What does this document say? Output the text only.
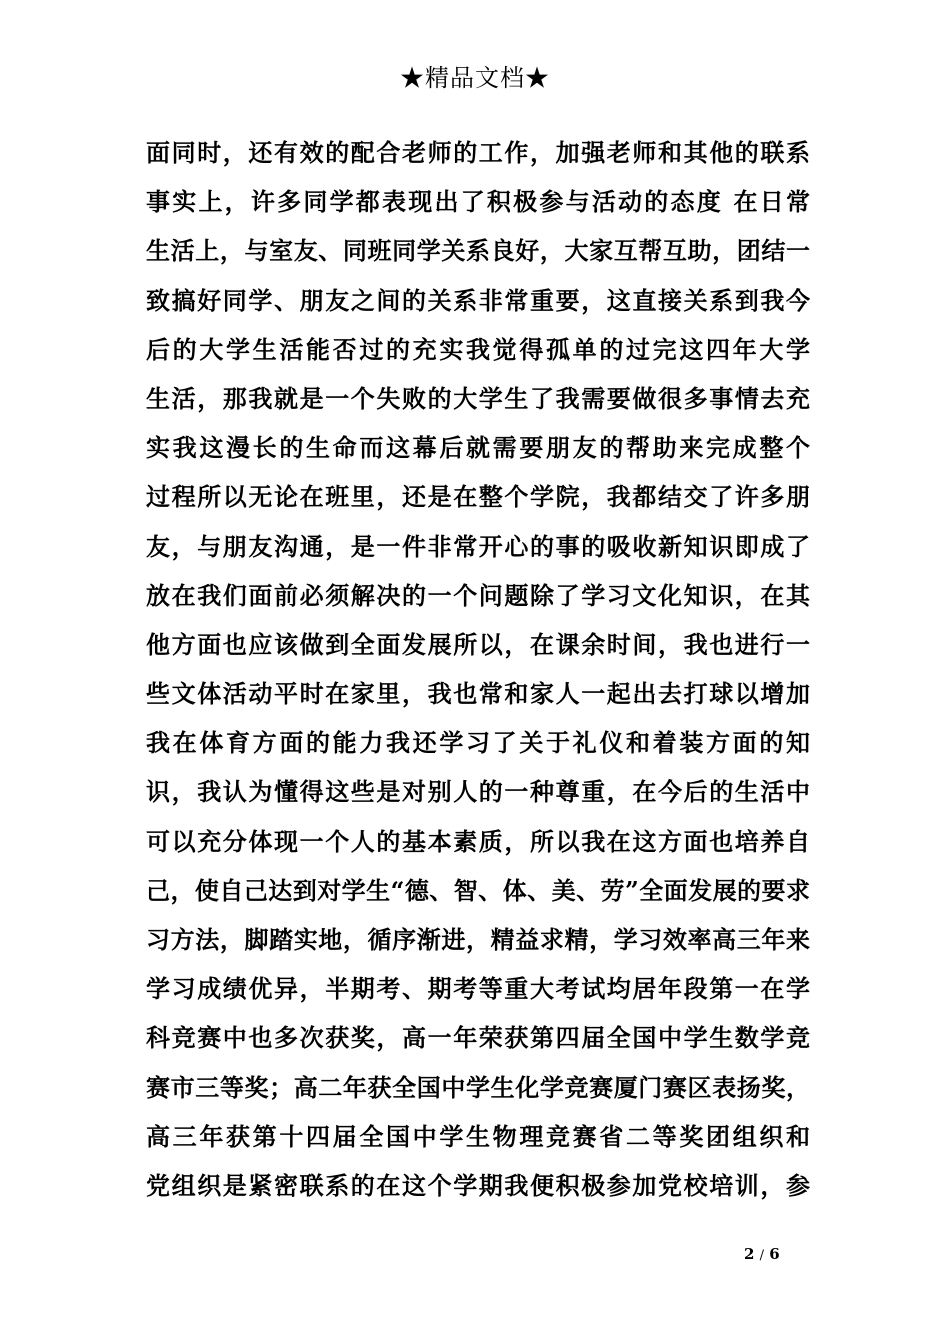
★精品文档★
面同时，还有效的配合老师的工作，加强老师和其他的联系
事实上，许多同学都表现出了积极参与活动的态度 在日常
生活上，与室友、同班同学关系良好，大家互帮互助，团结一
致搞好同学、朋友之间的关系非常重要，这直接关系到我今
后的大学生活能否过的充实我觉得孤单的过完这四年大学
生活，那我就是一个失败的大学生了我需要做很多事情去充
实我这漫长的生命而这幕后就需要朋友的帮助来完成整个
过程所以无论在班里，还是在整个学院，我都结交了许多朋
友，与朋友沟通，是一件非常开心的事的吸收新知识即成了
放在我们面前必须解决的一个问题除了学习文化知识，在其
他方面也应该做到全面发展所以，在课余时间，我也进行一
些文体活动平时在家里，我也常和家人一起出去打球以增加
我在体育方面的能力我还学习了关于礼仪和着装方面的知
识，我认为懂得这些是对别人的一种尊重，在今后的生活中
可以充分体现一个人的基本素质，所以我在这方面也培养自
己，使自己达到对学生“德、智、体、美、劳”全面发展的要求
习方法，脚踏实地，循序渐进，精益求精，学习效率高三年来
学习成绩优异，半期考、期考等重大考试均居年段第一在学
科竞赛中也多次获奖，高一年荣获第四届全国中学生数学竞
赛市三等奖；高二年获全国中学生化学竞赛厦门赛区表扬奖，
高三年获第十四届全国中学生物理竞赛省二等奖团组织和
党组织是紧密联系的在这个学期我便积极参加党校培训，参
2 / 6
